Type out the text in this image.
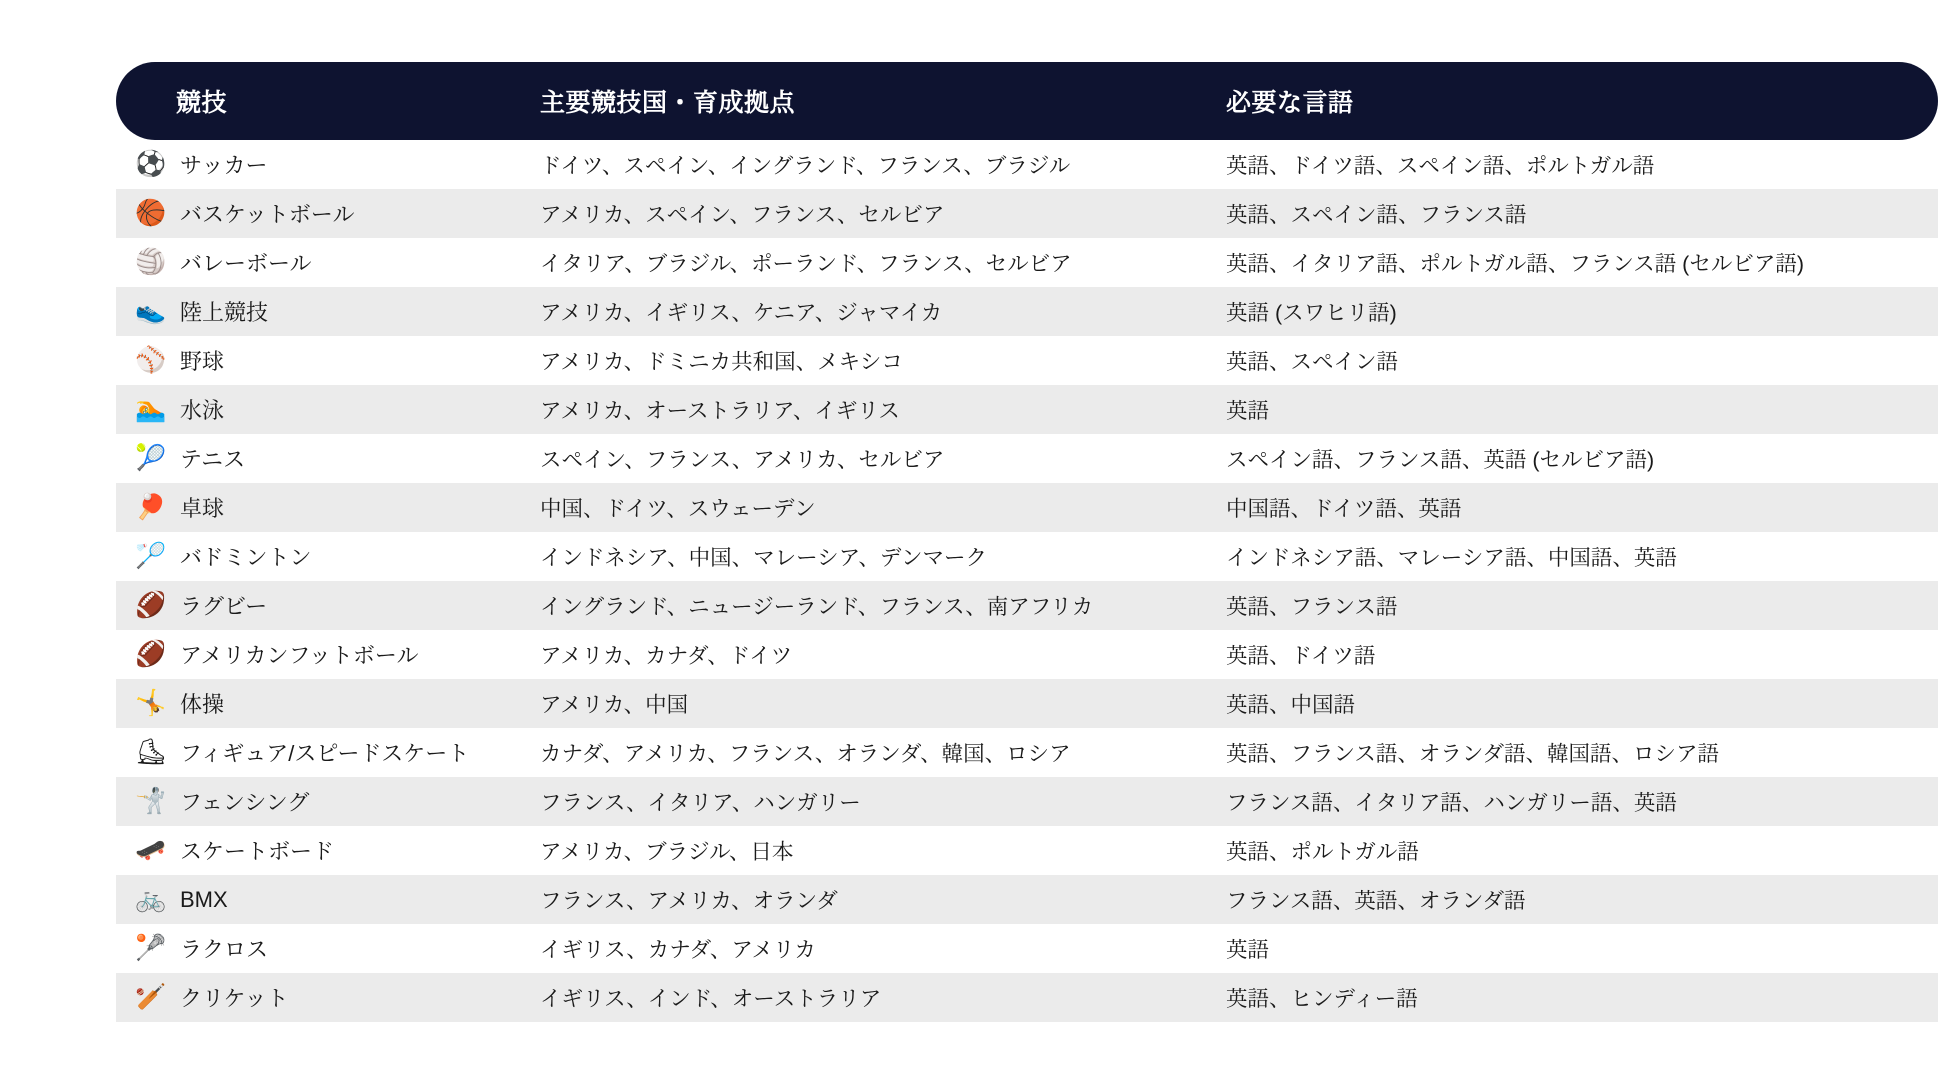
競技	主要競技国・育成拠点	必要な言語

⚽ サッカー	ドイツ、スペイン、イングランド、フランス、ブラジル	英語、ドイツ語、スペイン語、ポルトガル語

🏀 バスケットボール	アメリカ、スペイン、フランス、セルビア	英語、スペイン語、フランス語

🏐 バレーボール	イタリア、ブラジル、ポーランド、フランス、セルビア	英語、イタリア語、ポルトガル語、フランス語 (セルビア語)

👟 陸上競技	アメリカ、イギリス、ケニア、ジャマイカ	英語 (スワヒリ語)

⚾ 野球	アメリカ、ドミニカ共和国、メキシコ	英語、スペイン語

🏊 水泳	アメリカ、オーストラリア、イギリス	英語

🎾 テニス	スペイン、フランス、アメリカ、セルビア	スペイン語、フランス語、英語 (セルビア語)

🏓 卓球	中国、ドイツ、スウェーデン	中国語、ドイツ語、英語

🏸 バドミントン	インドネシア、中国、マレーシア、デンマーク	インドネシア語、マレーシア語、中国語、英語

🏈 ラグビー	イングランド、ニュージーランド、フランス、南アフリカ	英語、フランス語

🏈 アメリカンフットボール	アメリカ、カナダ、ドイツ	英語、ドイツ語

🤸 体操	アメリカ、中国	英語、中国語

⛸ フィギュア/スピードスケート	カナダ、アメリカ、フランス、オランダ、韓国、ロシア	英語、フランス語、オランダ語、韓国語、ロシア語

🤺 フェンシング	フランス、イタリア、ハンガリー	フランス語、イタリア語、ハンガリー語、英語

🛹 スケートボード	アメリカ、ブラジル、日本	英語、ポルトガル語

🚲 BMX	フランス、アメリカ、オランダ	フランス語、英語、オランダ語

🥍 ラクロス	イギリス、カナダ、アメリカ	英語

🏏 クリケット	イギリス、インド、オーストラリア	英語、ヒンディー語
